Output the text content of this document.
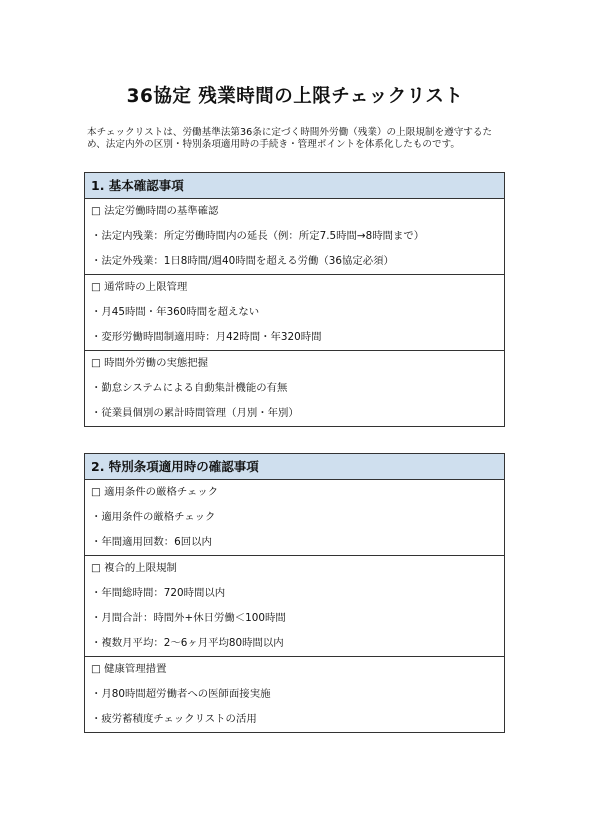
36協定 残業時間の上限チェックリスト

本チェックリストは、労働基準法第36条に定づく時間外労働（残業）の上限規制を遵守するため、法定内外の区別・特別条項適用時の手続き・管理ポイントを体系化したものです。

1. 基本確認事項
□ 法定労働時間の基準確認
・法定内残業：所定労働時間内の延長（例：所定7.5時間→8時間まで）
・法定外残業：1日8時間/週40時間を超える労働（36協定必須）
□ 通常時の上限管理
・月45時間・年360時間を超えない
・変形労働時間制適用時：月42時間・年320時間
□ 時間外労働の実態把握
・勤怠システムによる自動集計機能の有無
・従業員個別の累計時間管理（月別・年別）
2. 特別条項適用時の確認事項
□ 適用条件の厳格チェック
・適用条件の厳格チェック
・年間適用回数：6回以内
□ 複合的上限規制
・年間総時間：720時間以内
・月間合計：時間外+休日労働＜100時間
・複数月平均：2～6ヶ月平均80時間以内
□ 健康管理措置
・月80時間超労働者への医師面接実施
・疲労蓄積度チェックリストの活用
